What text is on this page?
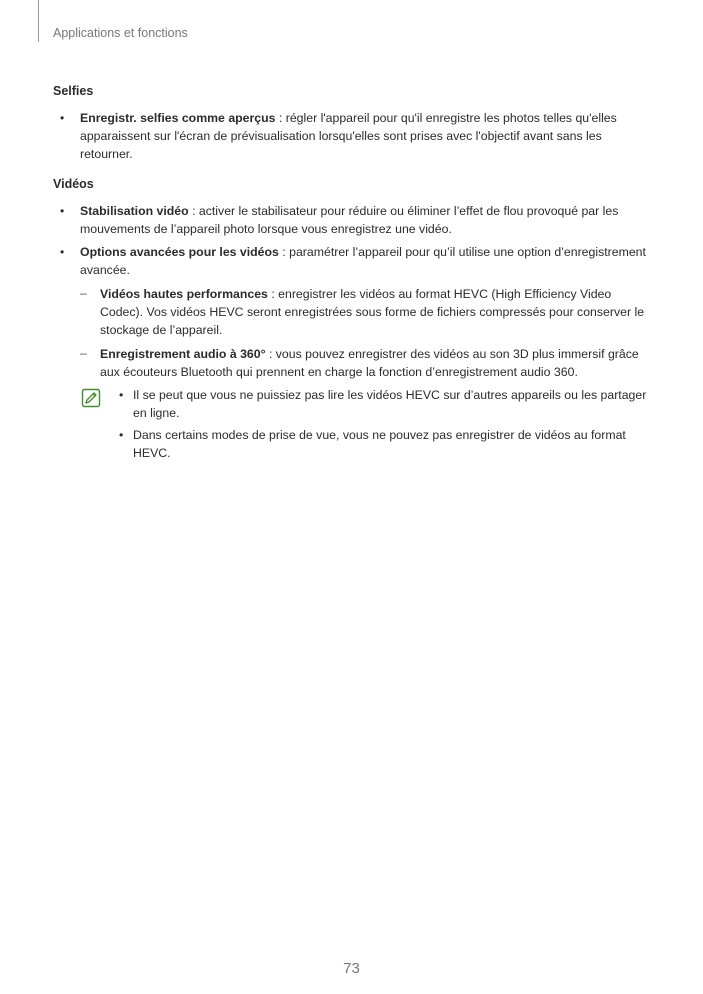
Applications et fonctions
Selfies
• Enregistr. selfies comme aperçus : régler l'appareil pour qu'il enregistre les photos telles qu'elles apparaissent sur l'écran de prévisualisation lorsqu'elles sont prises avec l'objectif avant sans les retourner.
Vidéos
• Stabilisation vidéo : activer le stabilisateur pour réduire ou éliminer l’effet de flou provoqué par les mouvements de l’appareil photo lorsque vous enregistrez une vidéo.
• Options avancées pour les vidéos : paramétrer l’appareil pour qu’il utilise une option d’enregistrement avancée.
– Vidéos hautes performances : enregistrer les vidéos au format HEVC (High Efficiency Video Codec). Vos vidéos HEVC seront enregistrées sous forme de fichiers compressés pour conserver le stockage de l’appareil.
– Enregistrement audio à 360° : vous pouvez enregistrer des vidéos au son 3D plus immersif grâce aux écouteurs Bluetooth qui prennent en charge la fonction d’enregistrement audio 360.
• Il se peut que vous ne puissiez pas lire les vidéos HEVC sur d’autres appareils ou les partager en ligne.
• Dans certains modes de prise de vue, vous ne pouvez pas enregistrer de vidéos au format HEVC.
73
